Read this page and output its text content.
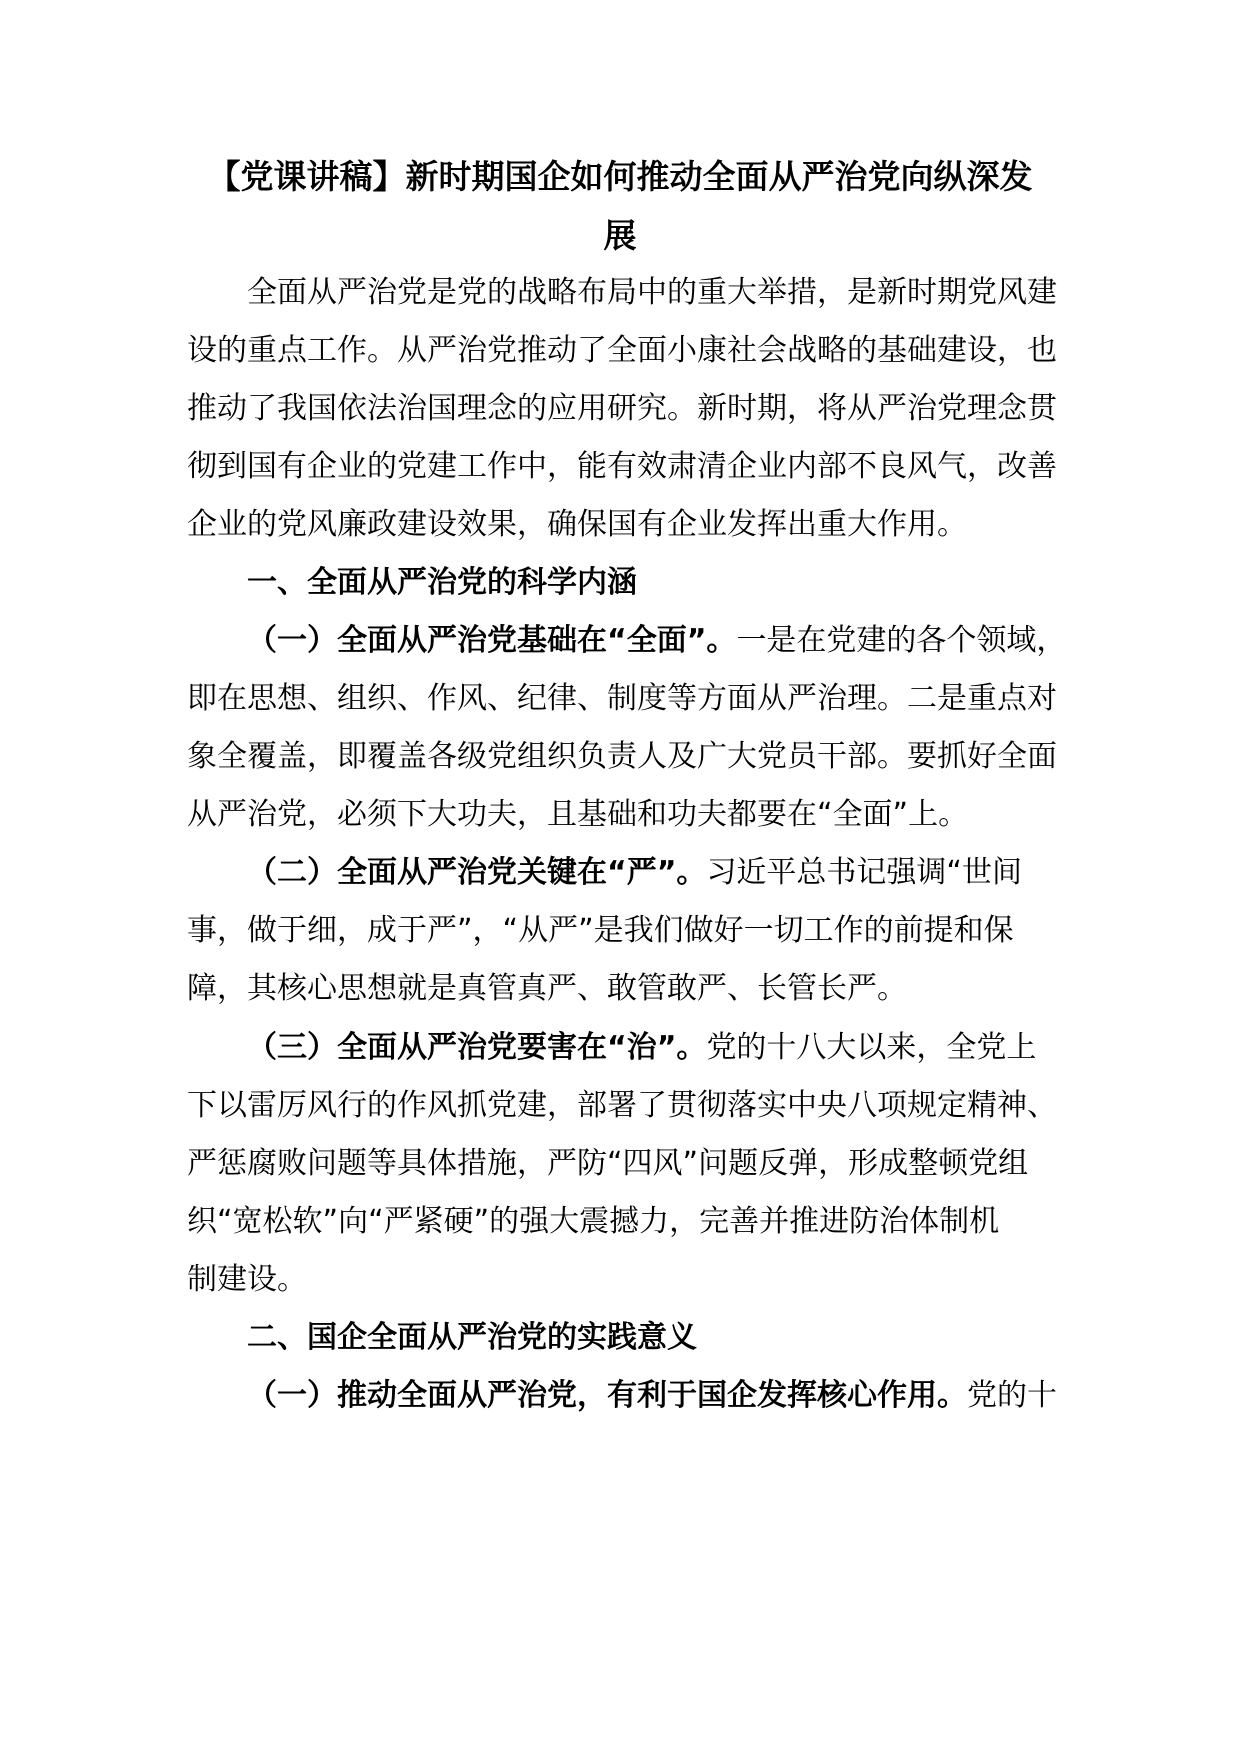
【党课讲稿】新时期国企如何推动全面从严治党向纵深发
展

全面从严治党是党的战略布局中的重大举措，是新时期党风建

设的重点工作。从严治党推动了全面小康社会战略的基础建设，也

推动了我国依法治国理念的应用研究。新时期，将从严治党理念贯

彻到国有企业的党建工作中，能有效肃清企业内部不良风气，改善

企业的党风廉政建设效果，确保国有企业发挥出重大作用。

一、全面从严治党的科学内涵

（一）全面从严治党基础在“全面”。一是在党建的各个领域，

即在思想、组织、作风、纪律、制度等方面从严治理。二是重点对

象全覆盖，即覆盖各级党组织负责人及广大党员干部。要抓好全面

从严治党，必须下大功夫，且基础和功夫都要在“全面”上。

（二）全面从严治党关键在“严”。习近平总书记强调“世间

事，做于细，成于严”，“从严”是我们做好一切工作的前提和保

障，其核心思想就是真管真严、敢管敢严、长管长严。

（三）全面从严治党要害在“治”。党的十八大以来，全党上

下以雷厉风行的作风抓党建，部署了贯彻落实中央八项规定精神、

严惩腐败问题等具体措施，严防“四风”问题反弹，形成整顿党组

织“宽松软”向“严紧硬”的强大震撼力，完善并推进防治体制机

制建设。

二、国企全面从严治党的实践意义

（一）推动全面从严治党，有利于国企发挥核心作用。党的十
